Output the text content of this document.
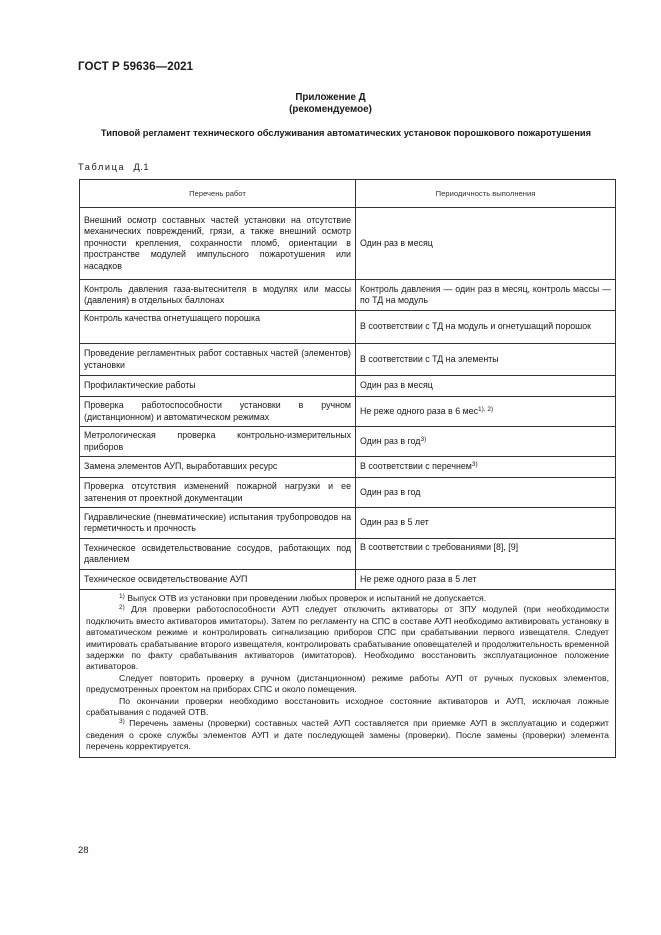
ГОСТ Р 59636—2021
Приложение Д
(рекомендуемое)
Типовой регламент технического обслуживания автоматических установок порошкового пожаротушения
Таблица Д.1
Перечень работ	Периодичность выполнения
Внешний осмотр составных частей установки на отсутствие механических повреждений, грязи, а также внешний осмотр прочности крепления, сохранности пломб, ориентации в пространстве модулей импульсного пожаротушения или насадков	Один раз в месяц
Контроль давления газа-вытеснителя в модулях или массы (давления) в отдельных баллонах	Контроль давления — один раз в месяц, контроль массы — по ТД на модуль
Контроль качества огнетушащего порошка	В соответствии с ТД на модуль и огнетушащий порошок
Проведение регламентных работ составных частей (элементов) установки	В соответствии с ТД на элементы
Профилактические работы	Один раз в месяц
Проверка работоспособности установки в ручном (дистанционном) и автоматическом режимах	Не реже одного раза в 6 мес$^{1), 2)}$
Метрологическая проверка контрольно-измерительных приборов	Один раз в год$^{3)}$
Замена элементов АУП, выработавших ресурс	В соответствии с перечнем$^{3)}$
Проверка отсутствия изменений пожарной нагрузки и ее затенения от проектной документации	Один раз в год
Гидравлические (пневматические) испытания трубопроводов на герметичность и прочность	Один раз в 5 лет
Техническое освидетельствование сосудов, работающих под давлением	В соответствии с требованиями [8], [9]
Техническое освидетельствование АУП	Не реже одного раза в 5 лет

$^{1)}$ Выпуск ОТВ из установки при проведении любых проверок и испытаний не допускается.

$^{2)}$ Для проверки работоспособности АУП следует отключить активаторы от ЗПУ модулей (при необходимости подключить вместо активаторов имитаторы). Затем по регламенту на СПС в составе АУП необходимо активировать установку в автоматическом режиме и контролировать сигнализацию приборов СПС при срабатывании первого извещателя. Следует имитировать срабатывание второго извещателя, контролировать срабатывание оповещателей и продолжительность временной задержки по факту срабатывания активаторов (имитаторов). Необходимо восстановить эксплуатационное положение активаторов.

Следует повторить проверку в ручном (дистанционном) режиме работы АУП от ручных пусковых элементов, предусмотренных проектом на приборах СПС и около помещения.

По окончании проверки необходимо восстановить исходное состояние активаторов и АУП, исключая ложные срабатывания с подачей ОТВ.

$^{3)}$ Перечень замены (проверки) составных частей АУП составляется при приемке АУП в эксплуатацию и содержит сведения о сроке службы элементов АУП и дате последующей замены (проверки). После замены (проверки) элемента перечень корректируется.	

28
